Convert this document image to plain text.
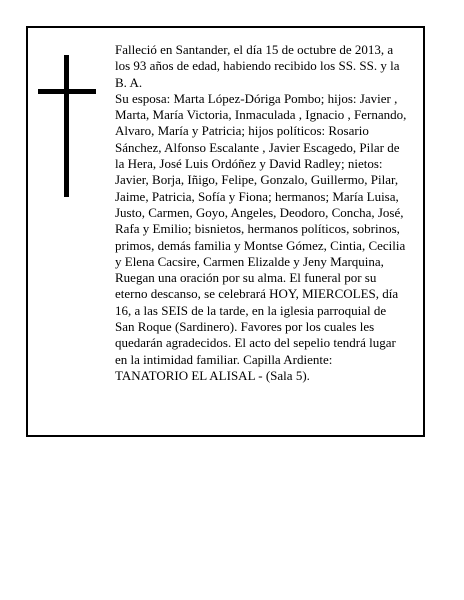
Falleció en Santander, el día 15 de octubre de 2013, a
los 93 años de edad, habiendo recibido los SS. SS. y la
B. A.
Su esposa: Marta López-Dóriga Pombo; hijos: Javier ,
Marta, María Victoria, Inmaculada , Ignacio , Fernando,
Alvaro, María y Patricia; hijos políticos: Rosario
Sánchez, Alfonso Escalante , Javier Escagedo, Pilar de
la Hera, José Luis Ordóñez y David Radley; nietos:
Javier, Borja, Iñigo, Felipe, Gonzalo, Guillermo, Pilar,
Jaime, Patricia, Sofía y Fiona; hermanos; María Luisa,
Justo, Carmen, Goyo, Angeles, Deodoro, Concha, José,
Rafa y Emilio; bisnietos, hermanos políticos, sobrinos,
primos, demás familia y Montse Gómez, Cintia, Cecilia
y Elena Cacsire, Carmen Elizalde y Jeny Marquina,
Ruegan una oración por su alma. El funeral por su
eterno descanso, se celebrará HOY, MIERCOLES, día
16, a las SEIS de la tarde, en la iglesia parroquial de
San Roque (Sardinero). Favores por los cuales les
quedarán agradecidos. El acto del sepelio tendrá lugar
en la intimidad familiar. Capilla Ardiente:
TANATORIO EL ALISAL - (Sala 5).
